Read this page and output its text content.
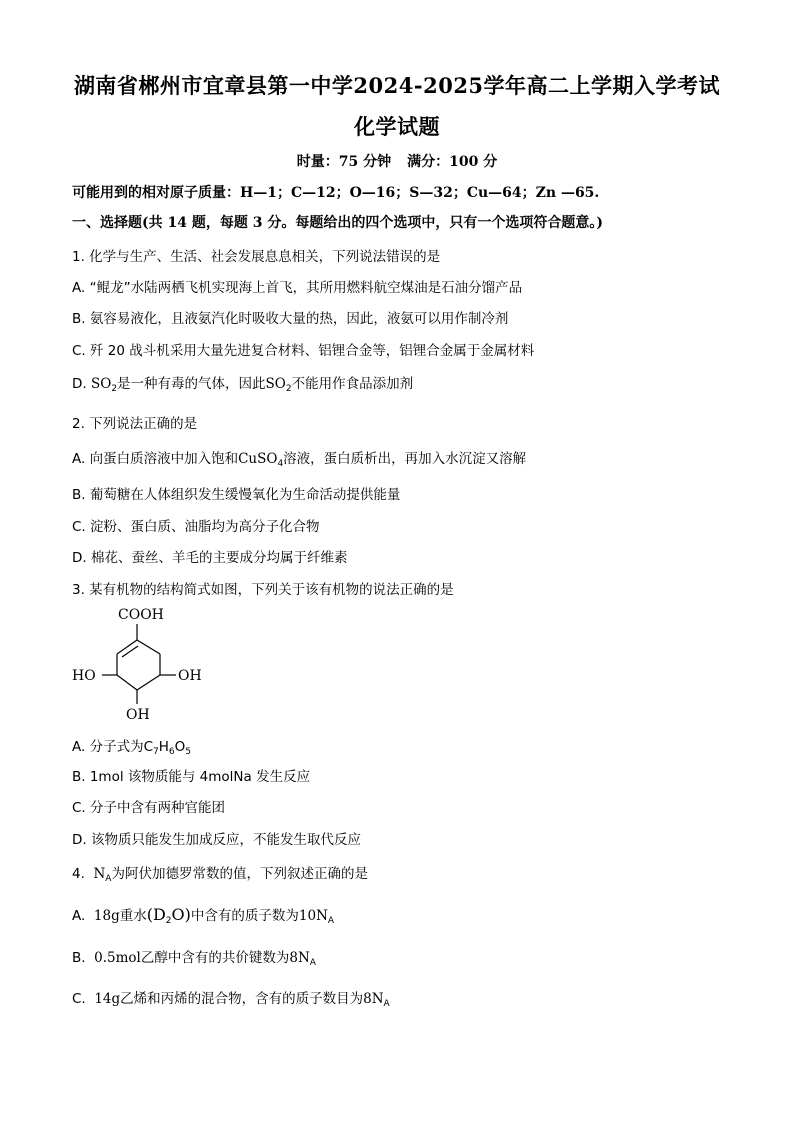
湖南省郴州市宜章县第一中学2024-2025学年高二上学期入学考试
化学试题
时量：75 分钟 满分：100 分
可能用到的相对原子质量：H—1；C—12；O—16；S—32；Cu—64；Zn —65.
一、选择题(共 14 题，每题 3 分。每题给出的四个选项中，只有一个选项符合题意。)
1. 化学与生产、生活、社会发展息息相关，下列说法错误的是
A. “鲲龙”水陆两栖飞机实现海上首飞，其所用燃料航空煤油是石油分馏产品
B. 氨容易液化，且液氨汽化时吸收大量的热，因此，液氨可以用作制冷剂
C. 歼 20 战斗机采用大量先进复合材料、铝锂合金等，铝锂合金属于金属材料
D. $SO_2$是一种有毒的气体，因此$SO_2$不能用作食品添加剂
2. 下列说法正确的是
A. 向蛋白质溶液中加入饱和CuSO$_4$溶液，蛋白质析出，再加入水沉淀又溶解
B. 葡萄糖在人体组织发生缓慢氧化为生命活动提供能量
C. 淀粉、蛋白质、油脂均为高分子化合物
D. 棉花、蚕丝、羊毛的主要成分均属于纤维素
3. 某有机物的结构简式如图，下列关于该有机物的说法正确的是
COOH
HO	OH
OH
A. 分子式为$C_7H_6O_5$
B. 1mol 该物质能与 4molNa 发生反应
C. 分子中含有两种官能团
D. 该物质只能发生加成反应，不能发生取代反应
4. $N_A$为阿伏加德罗常数的值，下列叙述正确的是
A. 18g重水$(D_2O)$中含有的质子数为$10N_A$
B. 0.5mol乙醇中含有的共价键数为$8N_A$
C. 14g乙烯和丙烯的混合物，含有的质子数目为$8N_A$
